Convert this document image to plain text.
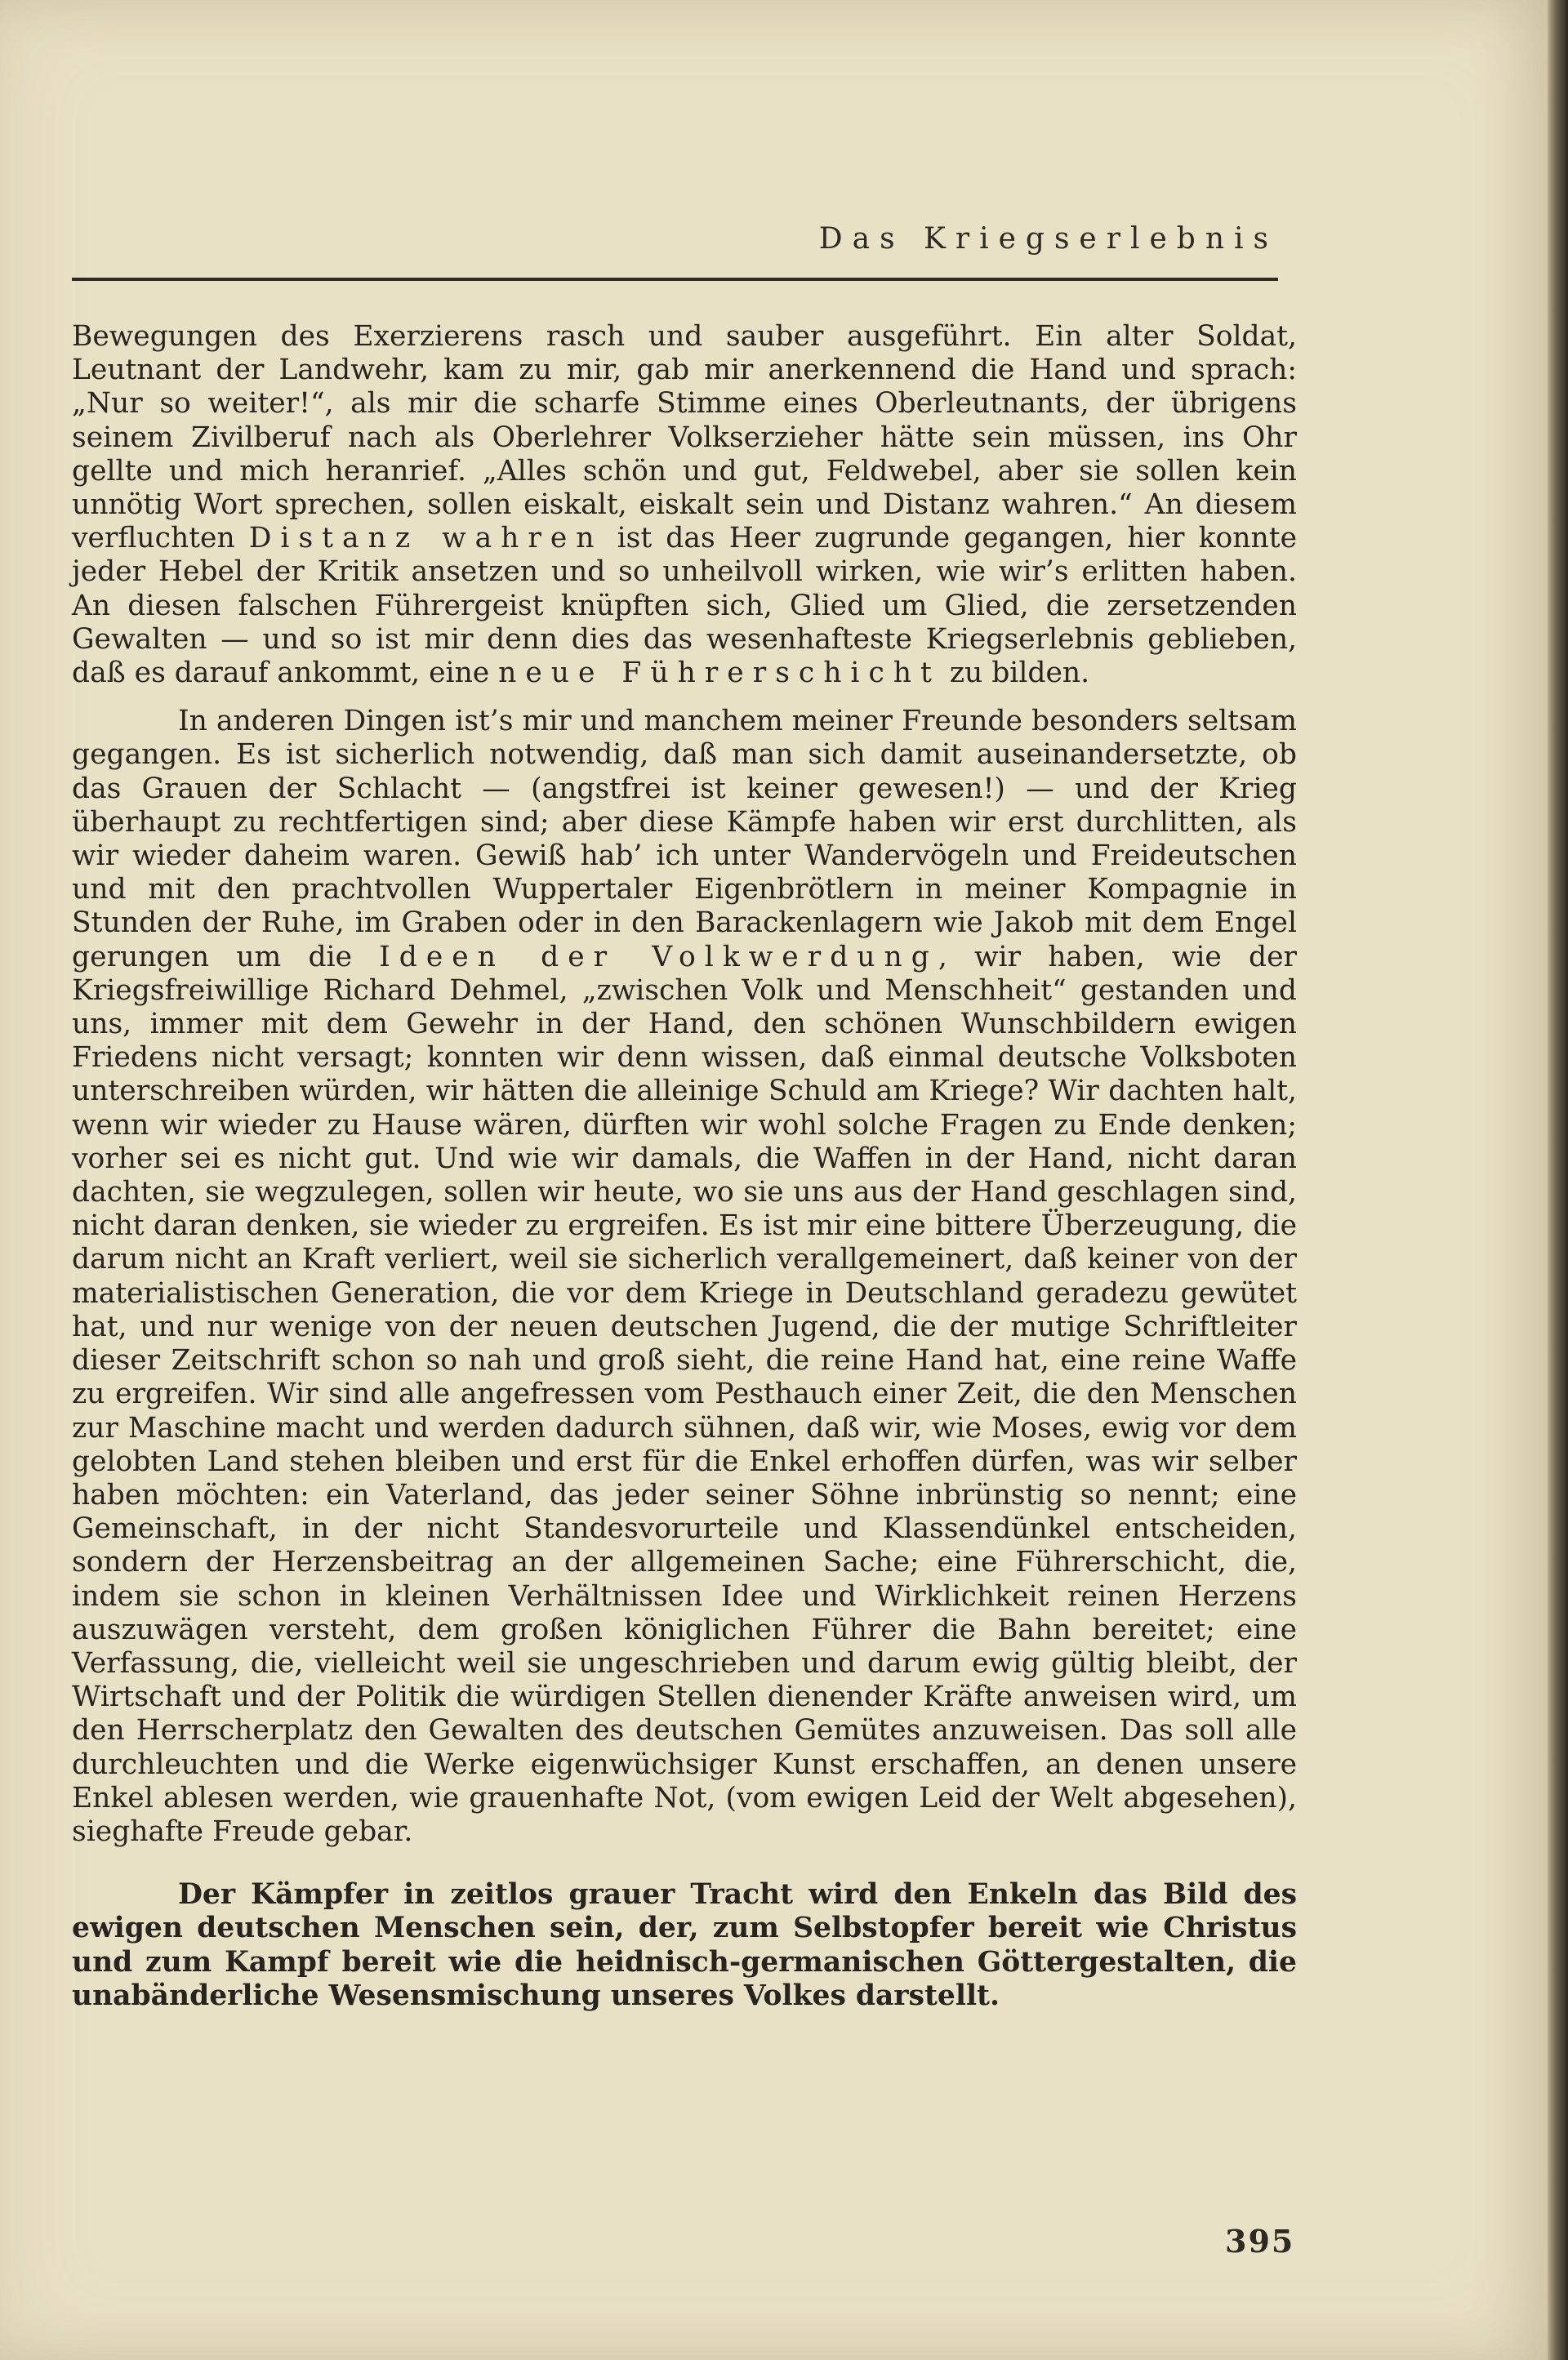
Das Kriegserlebnis

Bewegungen des Exerzierens rasch und sauber ausgeführt. Ein alter Soldat, Leutnant der Landwehr, kam zu mir, gab mir anerkennend die Hand und sprach: „Nur so weiter!“, als mir die scharfe Stimme eines Oberleutnants, der übrigens seinem Zivilberuf nach als Oberlehrer Volkserzieher hätte sein müssen, ins Ohr gellte und mich heranrief. „Alles schön und gut, Feldwebel, aber sie sollen kein unnötig Wort sprechen, sollen eiskalt, eiskalt sein und Distanz wahren.“ An diesem verfluchten Distanz wahren ist das Heer zugrunde gegangen, hier konnte jeder Hebel der Kritik ansetzen und so unheilvoll wirken, wie wir’s erlitten haben. An diesen falschen Führergeist knüpften sich, Glied um Glied, die zersetzenden Gewalten — und so ist mir denn dies das wesenhafteste Kriegserlebnis geblieben, daß es darauf ankommt, eine neue Führerschicht zu bilden.

In anderen Dingen ist’s mir und manchem meiner Freunde besonders seltsam gegangen. Es ist sicherlich notwendig, daß man sich damit auseinandersetzte, ob das Grauen der Schlacht — (angstfrei ist keiner gewesen!) — und der Krieg überhaupt zu rechtfertigen sind; aber diese Kämpfe haben wir erst durchlitten, als wir wieder daheim waren. Gewiß hab’ ich unter Wandervögeln und Freideutschen und mit den prachtvollen Wuppertaler Eigenbrötlern in meiner Kompagnie in Stunden der Ruhe, im Graben oder in den Barackenlagern wie Jakob mit dem Engel gerungen um die Ideen der Volkwerdung, wir haben, wie der Kriegsfreiwillige Richard Dehmel, „zwischen Volk und Menschheit“ gestanden und uns, immer mit dem Gewehr in der Hand, den schönen Wunschbildern ewigen Friedens nicht versagt; konnten wir denn wissen, daß einmal deutsche Volksboten unterschreiben würden, wir hätten die alleinige Schuld am Kriege? Wir dachten halt, wenn wir wieder zu Hause wären, dürften wir wohl solche Fragen zu Ende denken; vorher sei es nicht gut. Und wie wir damals, die Waffen in der Hand, nicht daran dachten, sie wegzulegen, sollen wir heute, wo sie uns aus der Hand geschlagen sind, nicht daran denken, sie wieder zu ergreifen. Es ist mir eine bittere Überzeugung, die darum nicht an Kraft verliert, weil sie sicherlich verallgemeinert, daß keiner von der materialistischen Generation, die vor dem Kriege in Deutschland geradezu gewütet hat, und nur wenige von der neuen deutschen Jugend, die der mutige Schriftleiter dieser Zeitschrift schon so nah und groß sieht, die reine Hand hat, eine reine Waffe zu ergreifen. Wir sind alle angefressen vom Pesthauch einer Zeit, die den Menschen zur Maschine macht und werden dadurch sühnen, daß wir, wie Moses, ewig vor dem gelobten Land stehen bleiben und erst für die Enkel erhoffen dürfen, was wir selber haben möchten: ein Vaterland, das jeder seiner Söhne inbrünstig so nennt; eine Gemeinschaft, in der nicht Standesvorurteile und Klassendünkel entscheiden, sondern der Herzensbeitrag an der allgemeinen Sache; eine Führerschicht, die, indem sie schon in kleinen Verhältnissen Idee und Wirklichkeit reinen Herzens auszuwägen versteht, dem großen königlichen Führer die Bahn bereitet; eine Verfassung, die, vielleicht weil sie ungeschrieben und darum ewig gültig bleibt, der Wirtschaft und der Politik die würdigen Stellen dienender Kräfte anweisen wird, um den Herrscherplatz den Gewalten des deutschen Gemütes anzuweisen. Das soll alle durchleuchten und die Werke eigenwüchsiger Kunst erschaffen, an denen unsere Enkel ablesen werden, wie grauenhafte Not, (vom ewigen Leid der Welt abgesehen), sieghafte Freude gebar.

Der Kämpfer in zeitlos grauer Tracht wird den Enkeln das Bild des ewigen deutschen Menschen sein, der, zum Selbstopfer bereit wie Christus und zum Kampf bereit wie die heidnisch-germanischen Göttergestalten, die unabänderliche Wesensmischung unseres Volkes darstellt.

395
